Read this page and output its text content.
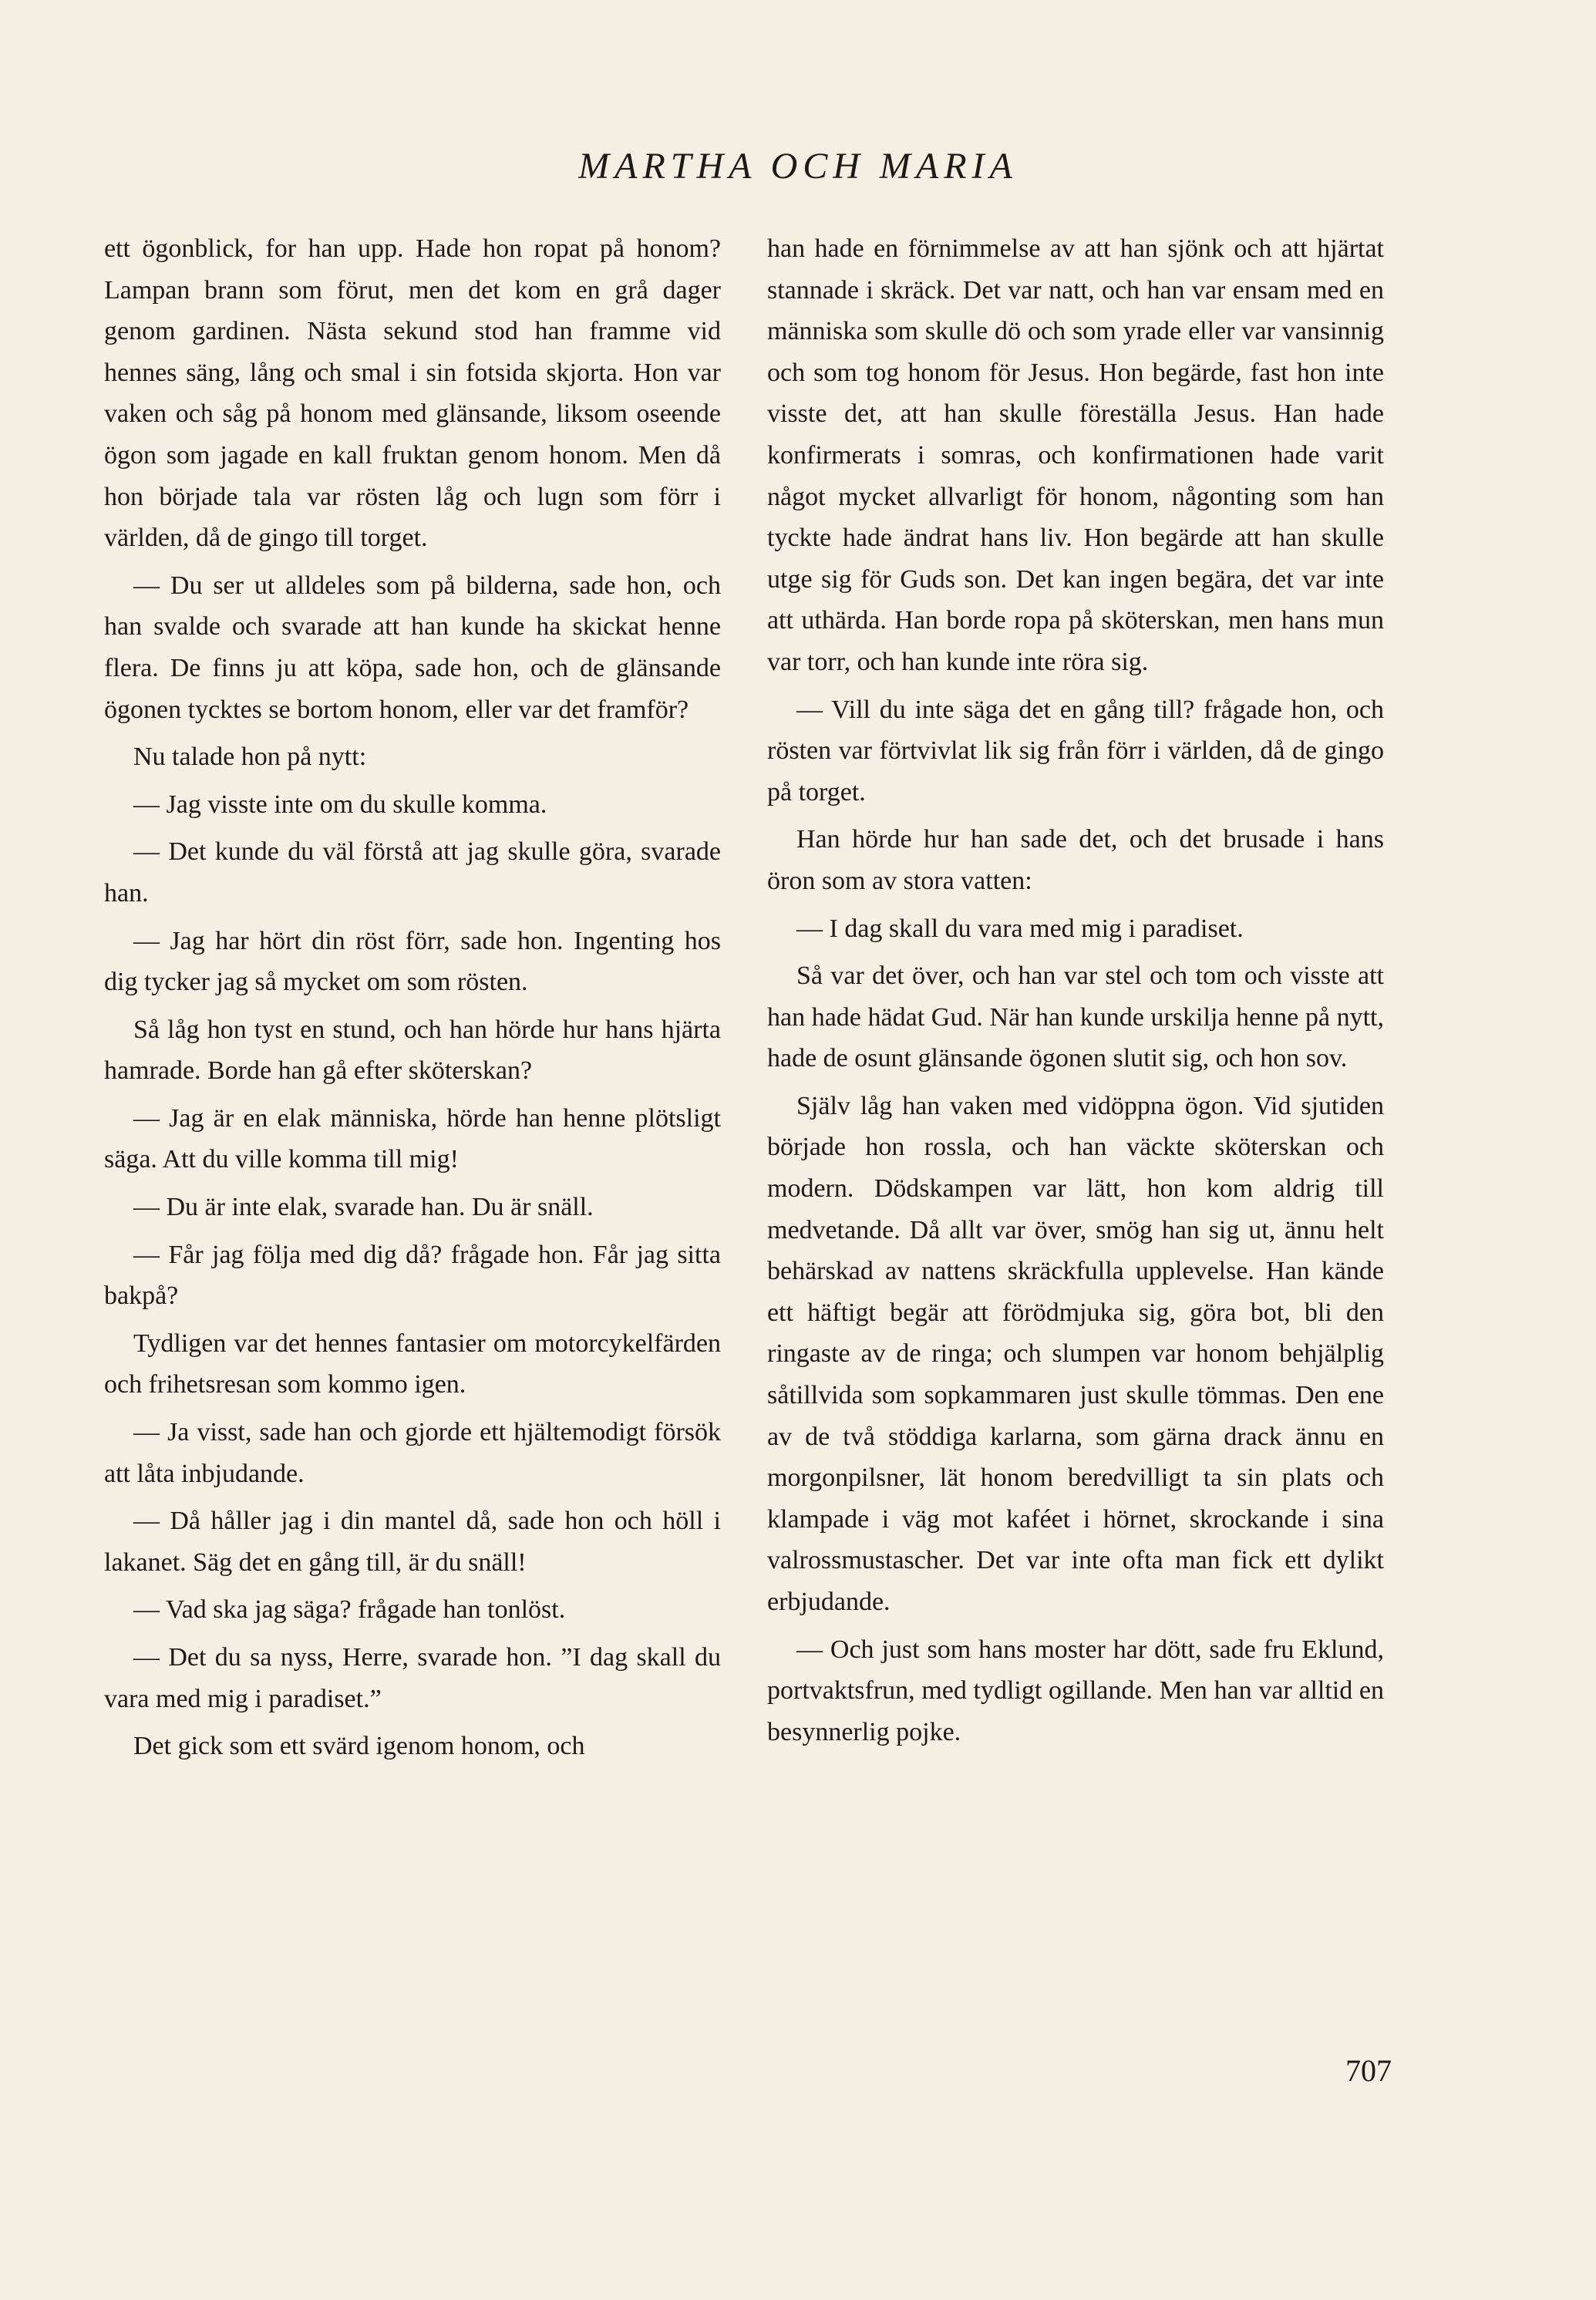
MARTHA OCH MARIA

ett ögonblick, for han upp. Hade hon ropat på honom? Lampan brann som förut, men det kom en grå dager genom gardinen. Nästa sekund stod han framme vid hennes säng, lång och smal i sin fotsida skjorta. Hon var vaken och såg på honom med glänsande, liksom oseende ögon som jagade en kall fruktan genom honom. Men då hon började tala var rösten låg och lugn som förr i världen, då de gingo till torget.

— Du ser ut alldeles som på bilderna, sade hon, och han svalde och svarade att han kunde ha skickat henne flera. De finns ju att köpa, sade hon, och de glänsande ögonen tycktes se bortom honom, eller var det framför?

Nu talade hon på nytt:

— Jag visste inte om du skulle komma.

— Det kunde du väl förstå att jag skulle göra, svarade han.

— Jag har hört din röst förr, sade hon. Ingenting hos dig tycker jag så mycket om som rösten.

Så låg hon tyst en stund, och han hörde hur hans hjärta hamrade. Borde han gå efter sköterskan?

— Jag är en elak människa, hörde han henne plötsligt säga. Att du ville komma till mig!

— Du är inte elak, svarade han. Du är snäll.

— Får jag följa med dig då? frågade hon. Får jag sitta bakpå?

Tydligen var det hennes fantasier om motorcykelfärden och frihetsresan som kommo igen.

— Ja visst, sade han och gjorde ett hjältemodigt försök att låta inbjudande.

— Då håller jag i din mantel då, sade hon och höll i lakanet. Säg det en gång till, är du snäll!

— Vad ska jag säga? frågade han tonlöst.

— Det du sa nyss, Herre, svarade hon. ”I dag skall du vara med mig i paradiset.”

Det gick som ett svärd igenom honom, och

han hade en förnimmelse av att han sjönk och att hjärtat stannade i skräck. Det var natt, och han var ensam med en människa som skulle dö och som yrade eller var vansinnig och som tog honom för Jesus. Hon begärde, fast hon inte visste det, att han skulle föreställa Jesus. Han hade konfirmerats i somras, och konfirmationen hade varit något mycket allvarligt för honom, någonting som han tyckte hade ändrat hans liv. Hon begärde att han skulle utge sig för Guds son. Det kan ingen begära, det var inte att uthärda. Han borde ropa på sköterskan, men hans mun var torr, och han kunde inte röra sig.

— Vill du inte säga det en gång till? frågade hon, och rösten var förtvivlat lik sig från förr i världen, då de gingo på torget.

Han hörde hur han sade det, och det brusade i hans öron som av stora vatten:

— I dag skall du vara med mig i paradiset.

Så var det över, och han var stel och tom och visste att han hade hädat Gud. När han kunde urskilja henne på nytt, hade de osunt glänsande ögonen slutit sig, och hon sov.

Själv låg han vaken med vidöppna ögon. Vid sjutiden började hon rossla, och han väckte sköterskan och modern. Dödskampen var lätt, hon kom aldrig till medvetande. Då allt var över, smög han sig ut, ännu helt behärskad av nattens skräckfulla upplevelse. Han kände ett häftigt begär att förödmjuka sig, göra bot, bli den ringaste av de ringa; och slumpen var honom behjälplig såtillvida som sopkammaren just skulle tömmas. Den ene av de två stöddiga karlarna, som gärna drack ännu en morgonpilsner, lät honom beredvilligt ta sin plats och klampade i väg mot kaféet i hörnet, skrockande i sina valrossmustascher. Det var inte ofta man fick ett dylikt erbjudande.

— Och just som hans moster har dött, sade fru Eklund, portvaktsfrun, med tydligt ogillande. Men han var alltid en besynnerlig pojke.

707
